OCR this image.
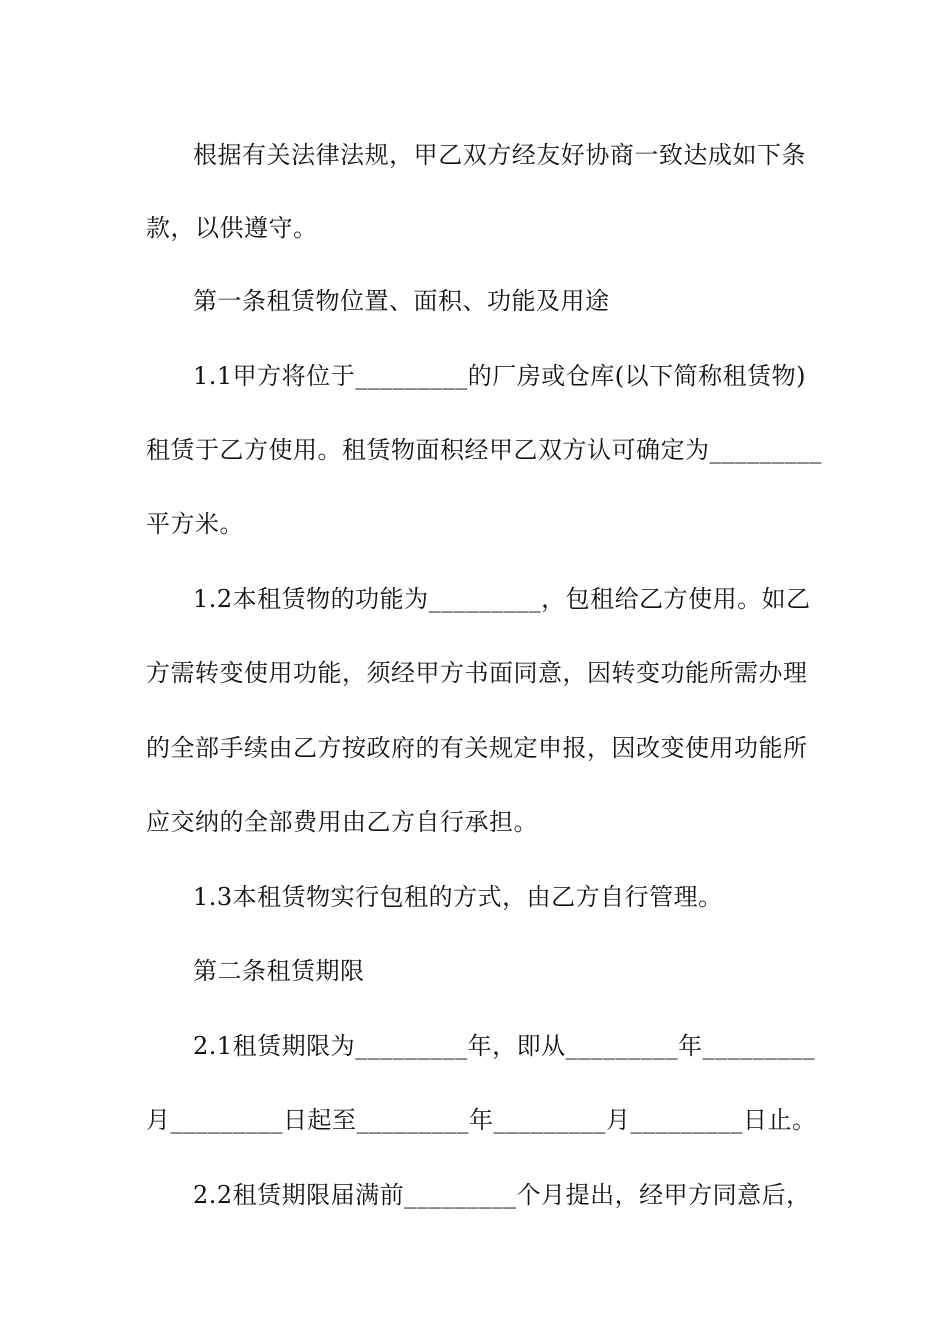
根据有关法律法规，甲乙双方经友好协商一致达成如下条
款，以供遵守。
第一条租赁物位置、面积、功能及用途
1.1甲方将位于_________的厂房或仓库(以下简称租赁物)
租赁于乙方使用。租赁物面积经甲乙双方认可确定为_________
平方米。
1.2本租赁物的功能为_________，包租给乙方使用。如乙
方需转变使用功能，须经甲方书面同意，因转变功能所需办理
的全部手续由乙方按政府的有关规定申报，因改变使用功能所
应交纳的全部费用由乙方自行承担。
1.3本租赁物实行包租的方式，由乙方自行管理。
第二条租赁期限
2.1租赁期限为_________年，即从_________年_________
月_________日起至_________年_________月_________日止。
2.2租赁期限届满前_________个月提出，经甲方同意后，
